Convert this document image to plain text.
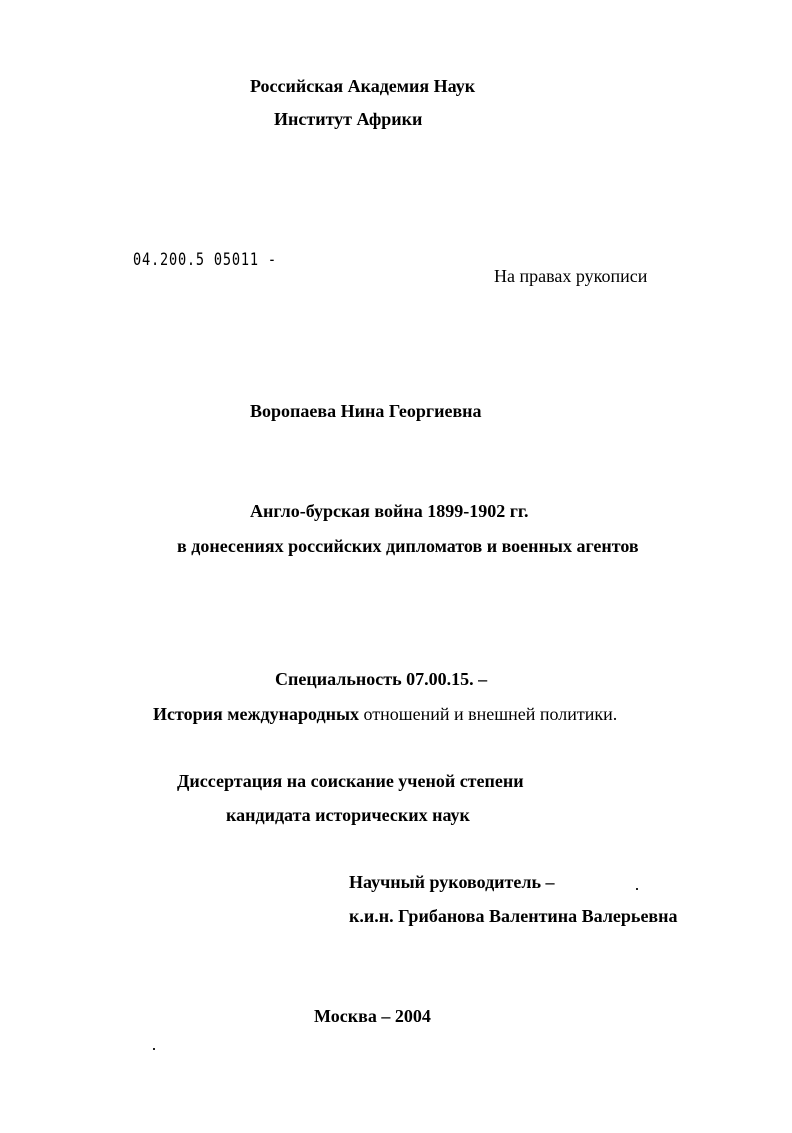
Российская Академия Наук
Институт Африки
04.200.5 05011 -
На правах рукописи
Воропаева Нина Георгиевна
Англо-бурская война 1899-1902 гг.
в донесениях российских дипломатов и военных агентов
Специальность 07.00.15. –
История международных отношений и внешней политики.
Диссертация на соискание ученой степени
кандидата исторических наук
Научный руководитель –
к.и.н. Грибанова Валентина Валерьевна
Москва – 2004
